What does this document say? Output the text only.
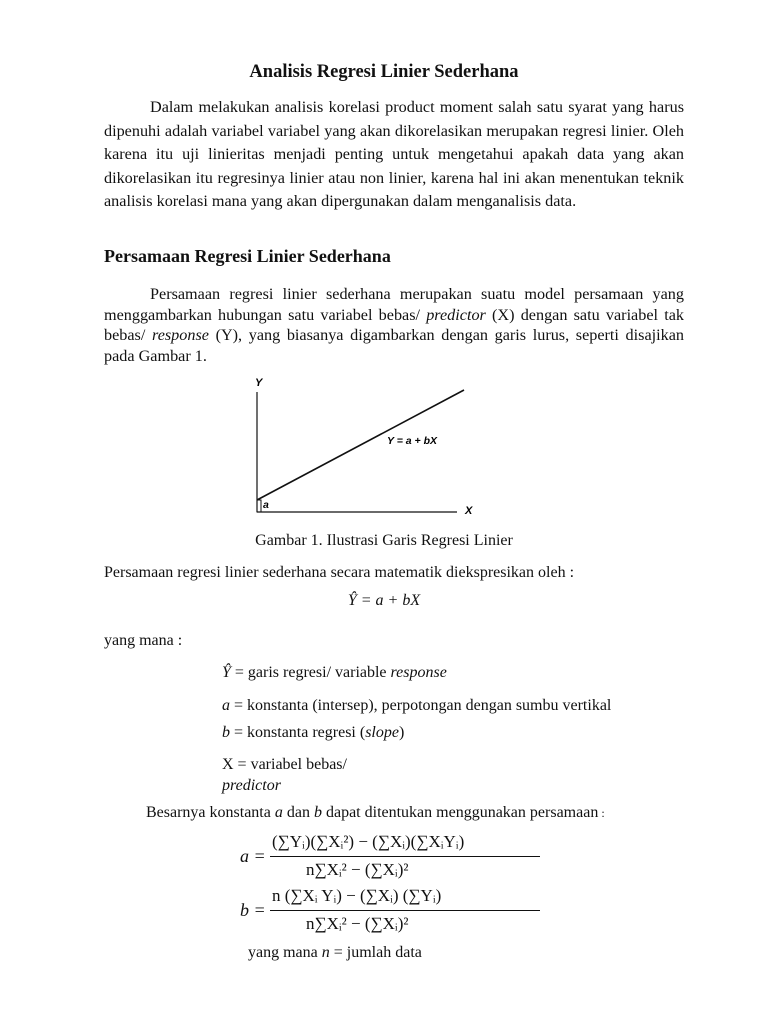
Analisis Regresi Linier Sederhana

Dalam melakukan analisis korelasi product moment salah satu syarat yang harus dipenuhi adalah variabel variabel yang akan dikorelasikan merupakan regresi linier. Oleh karena itu uji linieritas menjadi penting untuk mengetahui apakah data yang akan dikorelasikan itu regresinya linier atau non linier, karena hal ini akan menentukan teknik analisis korelasi mana yang akan dipergunakan dalam menganalisis data.

Persamaan Regresi Linier Sederhana

Persamaan regresi linier sederhana merupakan suatu model persamaan yang menggambarkan hubungan satu variabel bebas/ predictor (X) dengan satu variabel tak bebas/ response (Y), yang biasanya digambarkan dengan garis lurus, seperti disajikan pada Gambar 1.

Y
X
Y = a + bX
a
Gambar 1. Ilustrasi Garis Regresi Linier
Persamaan regresi linier sederhana secara matematik diekspresikan oleh :
Ŷ = a + bX
yang mana :
Ŷ = garis regresi/ variable response
a = konstanta (intersep), perpotongan dengan sumbu vertikal
b = konstanta regresi (slope)
X = variabel bebas/
predictor
Besarnya konstanta a dan b dapat ditentukan menggunakan persamaan :
a =
(∑Yᵢ)(∑Xᵢ²) − (∑Xᵢ)(∑XᵢYᵢ)
n∑Xᵢ² − (∑Xᵢ)²
b =
n (∑Xᵢ Yᵢ) − (∑Xᵢ) (∑Yᵢ)
n∑Xᵢ² − (∑Xᵢ)²
yang mana n = jumlah data
